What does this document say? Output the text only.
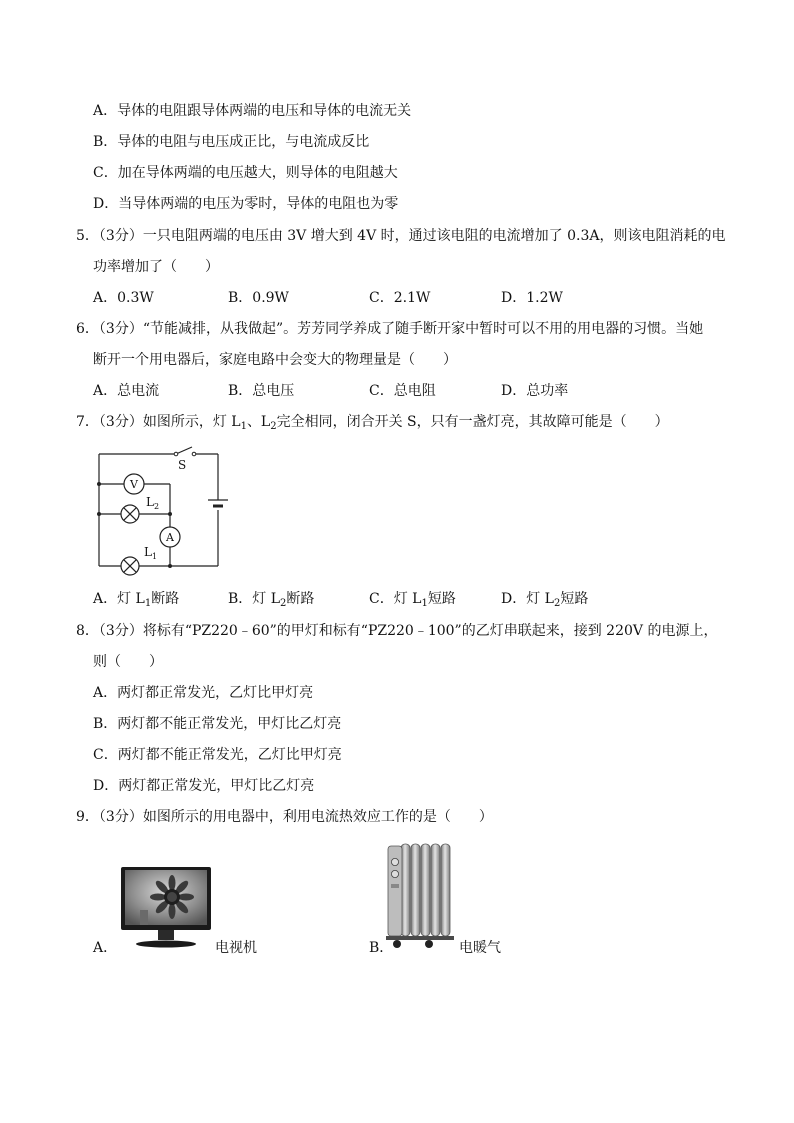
A．导体的电阻跟导体两端的电压和导体的电流无关
B．导体的电阻与电压成正比，与电流成反比
C．加在导体两端的电压越大，则导体的电阻越大
D．当导体两端的电压为零时，导体的电阻也为零
5．（3分）一只电阻两端的电压由 3V 增大到 4V 时，通过该电阻的电流增加了 0.3A，则该电阻消耗的电
功率增加了（　　）
A．0.3W	B．0.9W	C．2.1W	D．1.2W
6．（3分）“节能减排，从我做起”。芳芳同学养成了随手断开家中暂时可以不用的用电器的习惯。当她
断开一个用电器后，家庭电路中会变大的物理量是（　　）
A．总电流	B．总电压	C．总电阻	D．总功率
7．（3分）如图所示，灯 $L_1$、$L_2$完全相同，闭合开关 S，只有一盏灯亮，其故障可能是（　　）
S
V
A
$L_2$
$L_1$
A．灯 $L_1$断路	B．灯 $L_2$断路	C．灯 $L_1$短路	D．灯 $L_2$短路
8．（3分）将标有“PZ220﹣60”的甲灯和标有“PZ220﹣100”的乙灯串联起来，接到 220V 的电源上，
则（　　）
A．两灯都正常发光，乙灯比甲灯亮
B．两灯都不能正常发光，甲灯比乙灯亮
C．两灯都不能正常发光，乙灯比甲灯亮
D．两灯都正常发光，甲灯比乙灯亮
9．（3分）如图所示的用电器中，利用电流热效应工作的是（　　）
A．	电视机	B．	电暖气
